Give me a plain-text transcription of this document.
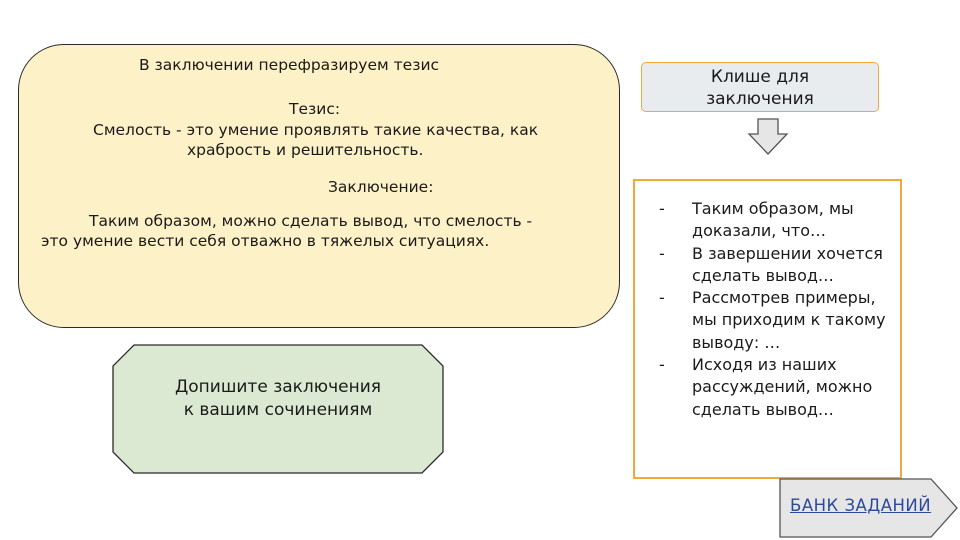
В заключении перефразируем тезис
Тезис:
Смелость - это умение проявлять такие качества, как
храбрость и решительность.
Заключение:
Таким образом, можно сделать вывод, что смелость -
это умение вести себя отважно в тяжелых ситуациях.
Клише для
заключения
- Таким образом, мы доказали, что…
- В завершении хочется сделать вывод…
- Рассмотрев примеры, мы приходим к такому выводу: …
- Исходя из наших рассуждений, можно сделать вывод…
Допишите заключения
к вашим сочинениям
БАНК ЗАДАНИЙ
